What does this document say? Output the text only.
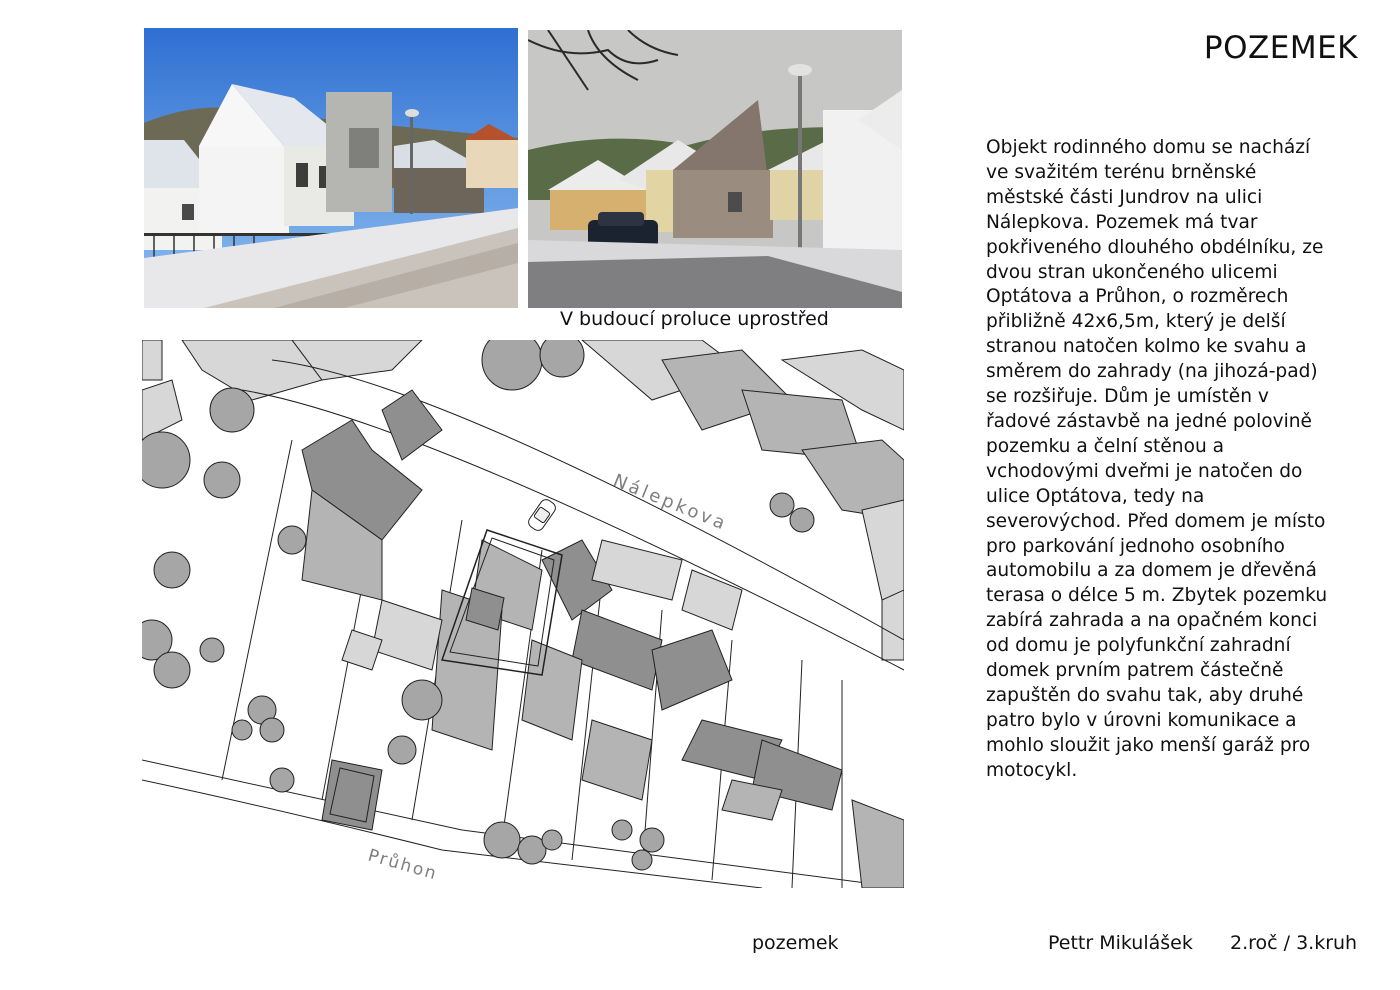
POZEMEK
V budoucí proluce uprostřed
Nálepkova
Průhon
Objekt rodinného domu se nachází ve svažitém terénu brněnské městské části Jundrov na ulici Nálepkova. Pozemek má tvar pokřiveného dlouhého obdélníku, ze dvou stran ukončeného ulicemi Optátova a Průhon, o rozměrech přibližně 42x6,5m, který je delší stranou natočen kolmo ke svahu a směrem do zahrady (na jihozá-pad) se rozšiřuje. Dům je umístěn v řadové zástavbě na jedné polovině pozemku a čelní stěnou a vchodovými dveřmi je natočen do ulice Optátova, tedy na severovýchod. Před domem je místo pro parkování jednoho osobního automobilu a za domem je dřevěná terasa o délce 5 m. Zbytek pozemku zabírá zahrada a na opačném konci od domu je polyfunkční zahradní domek prvním patrem částečně zapuštěn do svahu tak, aby druhé patro bylo v úrovni komunikace a mohlo sloužit jako menší garáž pro motocykl.
pozemek	Pettr Mikulášek 2.roč / 3.kruh
